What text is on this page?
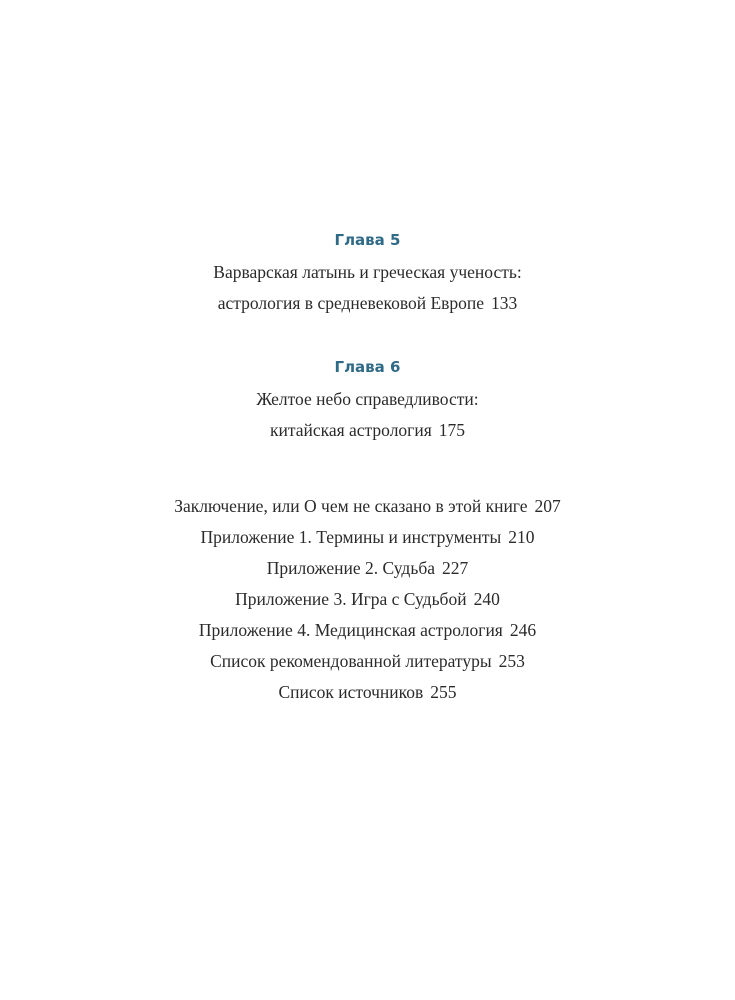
Глава 5

Варварская латынь и греческая ученость:

астрология в средневековой Европе 133

Глава 6

Желтое небо справедливости:

китайская астрология 175

Заключение, или О чем не сказано в этой книге 207
Приложение 1. Термины и инструменты 210
Приложение 2. Судьба 227
Приложение 3. Игра с Судьбой 240
Приложение 4. Медицинская астрология 246
Список рекомендованной литературы 253
Список источников 255
